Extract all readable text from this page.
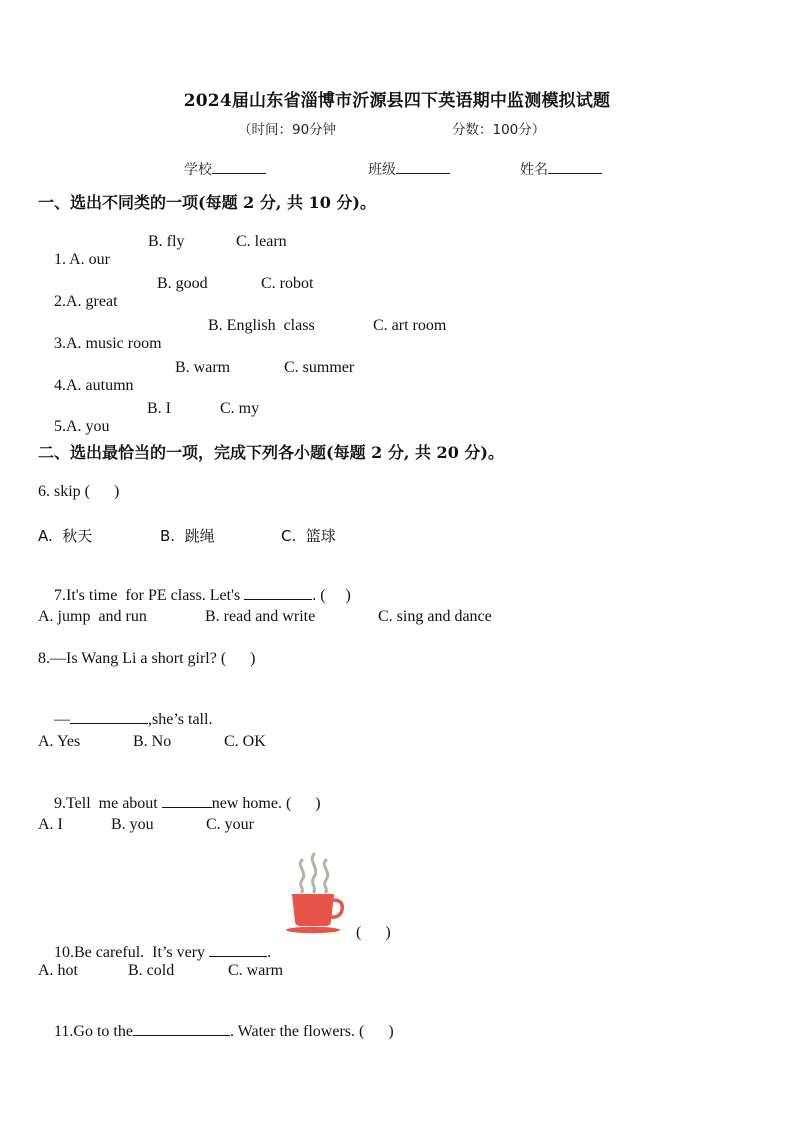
2024届山东省淄博市沂源县四下英语期中监测模拟试题
（时间：90分钟	分数：100分）
学校	班级	姓名
一、选出不同类的一项(每题 2 分, 共 10 分)。

1. A. our

B. fly	C. learn

2.A. great

B. good	C. robot

3.A. music room

B. English  class	C. art room

4.A. autumn

B. warm	C. summer

5.A. you

B. I	C. my
二、选出最恰当的一项，完成下列各小题(每题 2 分, 共 20 分)。
6. skip (      )
A.  秋天	B.  跳绳	C.  篮球

7.It's time  for PE class. Let's	. (     )

A. jump  and run	B. read and write	C. sing and dance
8.—Is Wang Li a short girl? (      )

—	,she’s tall.

A. Yes	B. No	C. OK

9.Tell  me about	new home. (      )

A. I	B. you	C. your

10.Be careful.  It’s very	.

(      )
A. hot	B. cold	C. warm

11.Go to the	. Water the flowers. (      )
